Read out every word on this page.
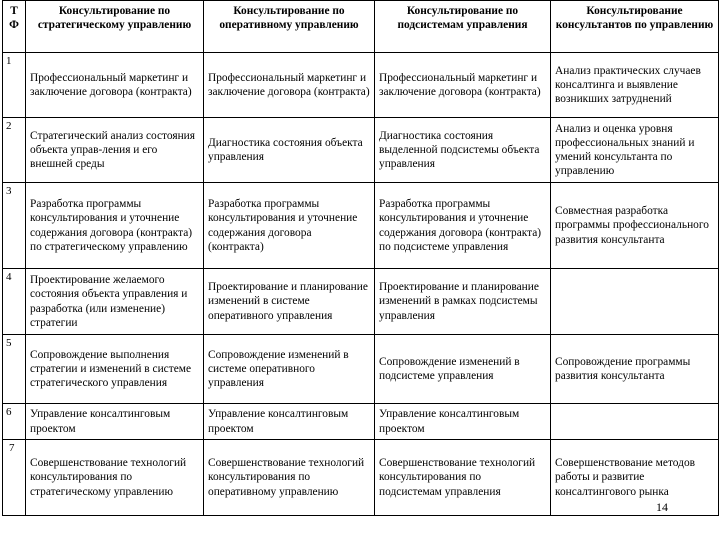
Т
Ф	Консультирование по стратегическому управлению	Консультирование по оперативному управлению	Консультирование по подсистемам управления	Консультирование консультантов по управлению
1	Профессиональный маркетинг и заключение договора (контракта)	Профессиональный маркетинг и заключение договора (контракта)	Профессиональный маркетинг и заключение договора (контракта)	Анализ практических случаев консалтинга и выявление возникших затруднений
2	Стратегический анализ состояния объекта управ-ления и его внешней среды	Диагностика состояния объекта управления	Диагностика состояния выделенной подсистемы объекта управления	Анализ и оценка уровня профессиональных знаний и умений консультанта по управлению
3	Разработка программы консультирования и уточнение содержания договора (контракта) по стратегическому управлению	Разработка программы консультирования и уточнение содержания договора (контракта)	Разработка программы консультирования и уточнение содержания договора (контракта) по подсистеме управления	Совместная разработка программы профессионального развития консультанта
4	Проектирование желаемого состояния объекта управления и разработка (или изменение) стратегии	Проектирование и планирование изменений в системе оперативного управления	Проектирование и планирование изменений в рамках подсистемы управления	
5	Сопровождение выполнения стратегии и изменений в системе стратегического управления	Сопровождение изменений в системе оперативного управления	Сопровождение изменений в подсистеме управления	Сопровождение программы развития консультанта
6	Управление консалтинговым проектом	Управление консалтинговым проектом	Управление консалтинговым проектом	
7	Совершенствование технологий консультирования по стратегическому управлению	Совершенствование технологий консультирования по оперативному управлению	Совершенствование технологий консультирования по подсистемам управления	Совершенствование методов работы и развитие консалтингового рынка
14
